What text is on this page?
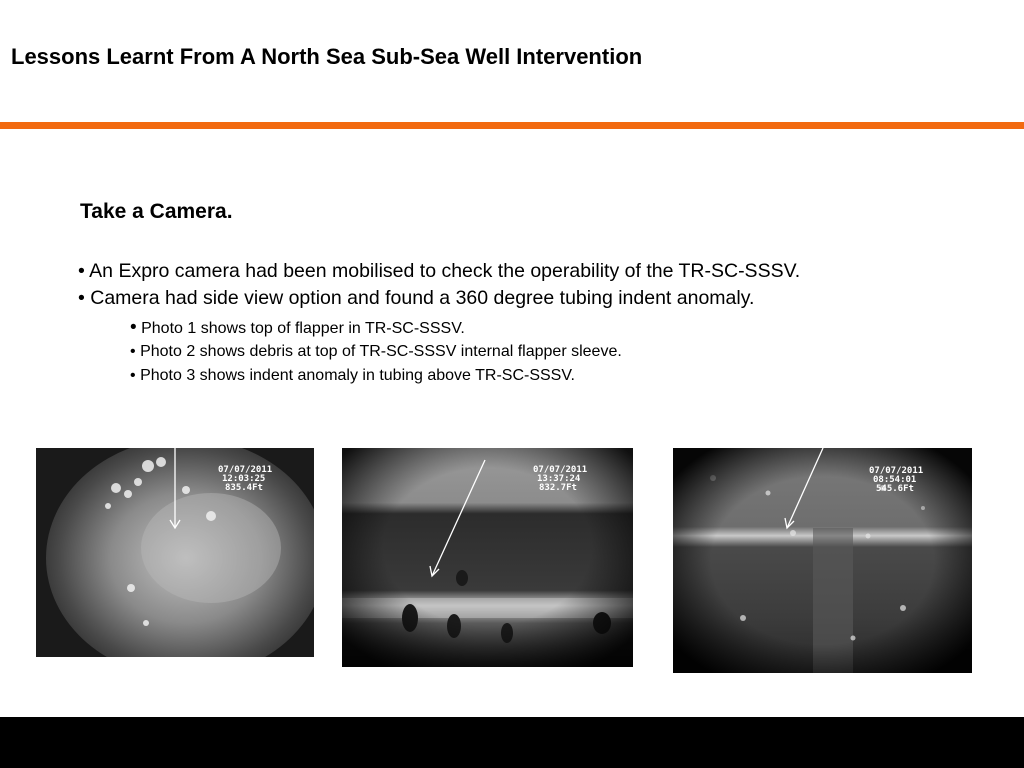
Lessons Learnt From A North Sea Sub-Sea Well Intervention
Take a Camera.
• An Expro camera had been mobilised to check the operability of the TR-SC-SSSV.
• Camera had side view option and found a 360 degree tubing indent anomaly.
• Photo 1 shows top of flapper in TR-SC-SSSV.
• Photo 2 shows debris at top of TR-SC-SSSV internal flapper sleeve.
• Photo 3 shows indent anomaly in tubing above TR-SC-SSSV.
07/07/2011
12:03:25
835.4Ft
07/07/2011
13:37:24
832.7Ft
07/07/2011
08:54:01
545.6Ft
